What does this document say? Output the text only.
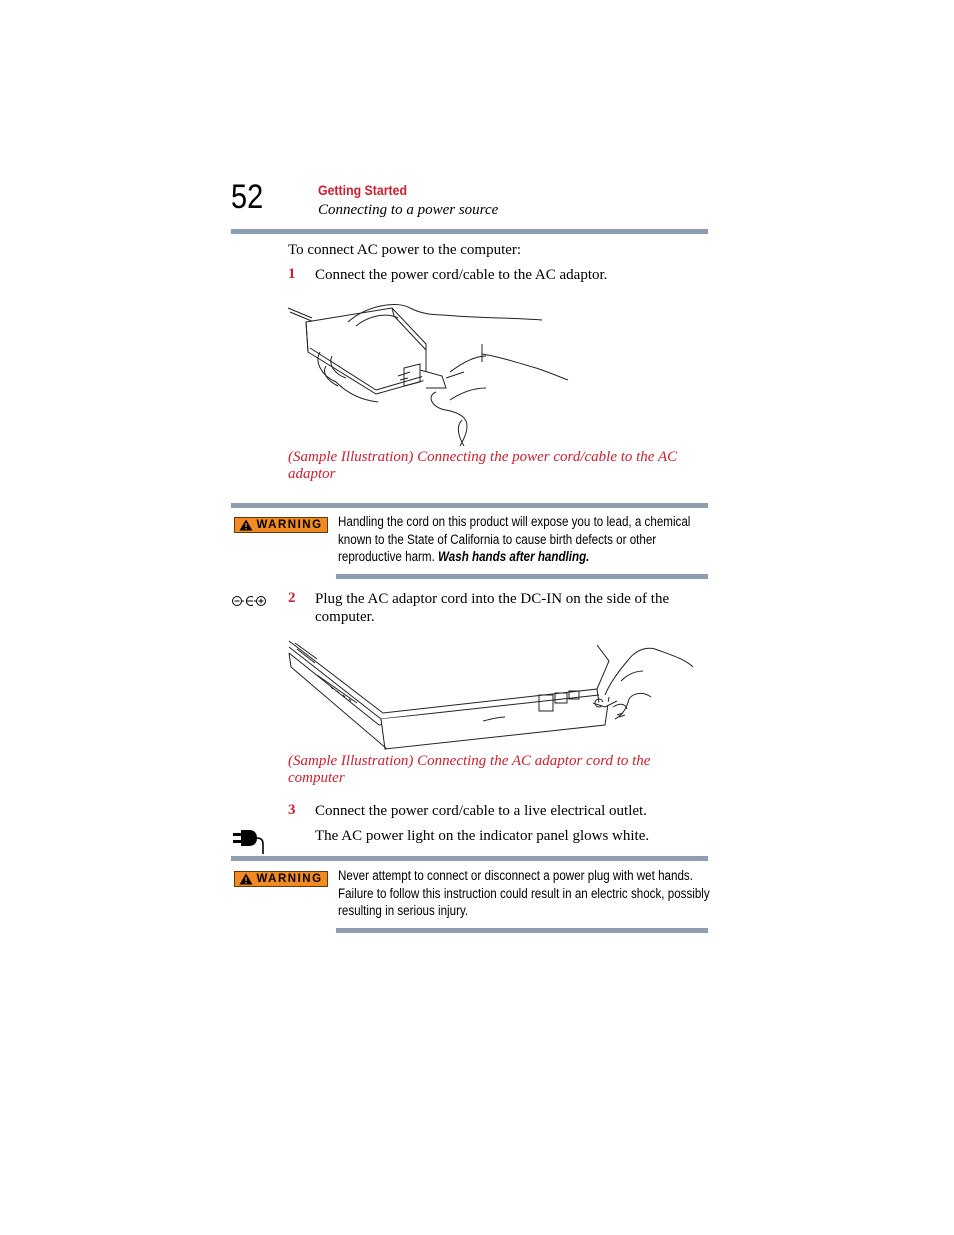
52	Getting Started
Connecting to a power source
To connect AC power to the computer:
1 Connect the power cord/cable to the AC adaptor.
(Sample Illustration) Connecting the power cord/cable to the AC adaptor
WARNING Handling the cord on this product will expose you to lead, a chemical known to the State of California to cause birth defects or other reproductive harm. Wash hands after handling.
2 Plug the AC adaptor cord into the DC-IN on the side of the computer.
(Sample Illustration) Connecting the AC adaptor cord to the computer
3 Connect the power cord/cable to a live electrical outlet.
The AC power light on the indicator panel glows white.
WARNING Never attempt to connect or disconnect a power plug with wet hands. Failure to follow this instruction could result in an electric shock, possibly resulting in serious injury.
